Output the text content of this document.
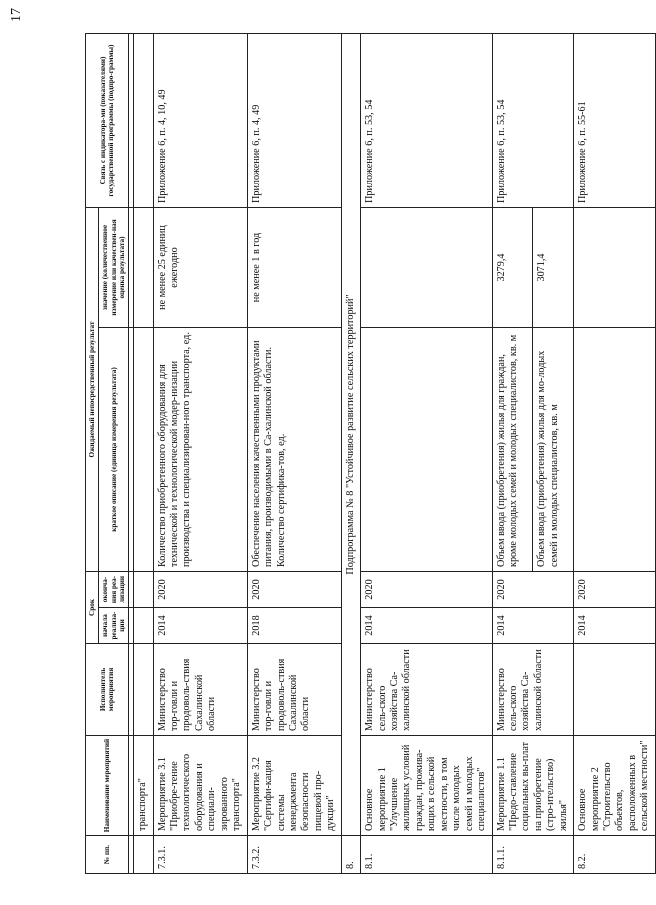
17
№ пп.	Наименование мероприятий	Исполнитель мероприятия	Срок		Ожидаемый непосредственный результат		Связь с индикатора-ми (показателями) государственной программы (подпро-граммы)
			начала реализа-ции	оконча-ния реа-лизации	краткое описание (единица измерения результата)	значение (количественное измерение или качествен-ная оценка результата)	

	транспорта"						
7.3.1.	Мероприятие 3.1 "Приобре-тение технологического оборудования и специали-зированного транспорта"	Министерство тор-говли и продоволь-ствия Сахалинской области	2014	2020	Количество приобретенного оборудования для технической и технологической модер-низации производства и специализирован-ного транспорта, ед.	не менее 25 единиц ежегодно	Приложение 6, п. 4, 10, 49
7.3.2.	Мероприятие 3.2 "Сертифи-кация системы менеджмента безопасности пищевой про-дукции"	Министерство тор-говли и продоволь-ствия Сахалинской области	2018	2020	Обеспечение населения качественными продуктами питания, производимыми в Са-халинской области. Количество сертифика-тов, ед.	не менее 1 в год	Приложение 6, п. 4, 49
8.	Подпрограмма № 8 "Устойчивое развитие сельских территорий"						
8.1.	Основное мероприятие 1 "Улучшение жилищных условий граждан, прожива-ющих в сельской местности, в том числе молодых семей и молодых специалистов"	Министерство сель-ского хозяйства Са-халинской области	2014	2020			Приложение 6, п. 53, 54
8.1.1.	Мероприятие 1.1 "Предо-ставление социальных вы-плат на приобретение (стро-ительство) жилья"	Министерство сель-ского хозяйства Са-халинской области	2014	2020	Объем ввода (приобретения) жилья для граждан, кроме молодых семей и молодых специалистов, кв. м	3279,4	Приложение 6, п. 53, 54
					Объем ввода (приобретения) жилья для мо-лодых семей и молодых специалистов, кв. м	3071,4	
8.2.	Основное мероприятие 2 "Строительство объектов, расположенных в сельской местности"		2014	2020			Приложение 6, п. 55-61
